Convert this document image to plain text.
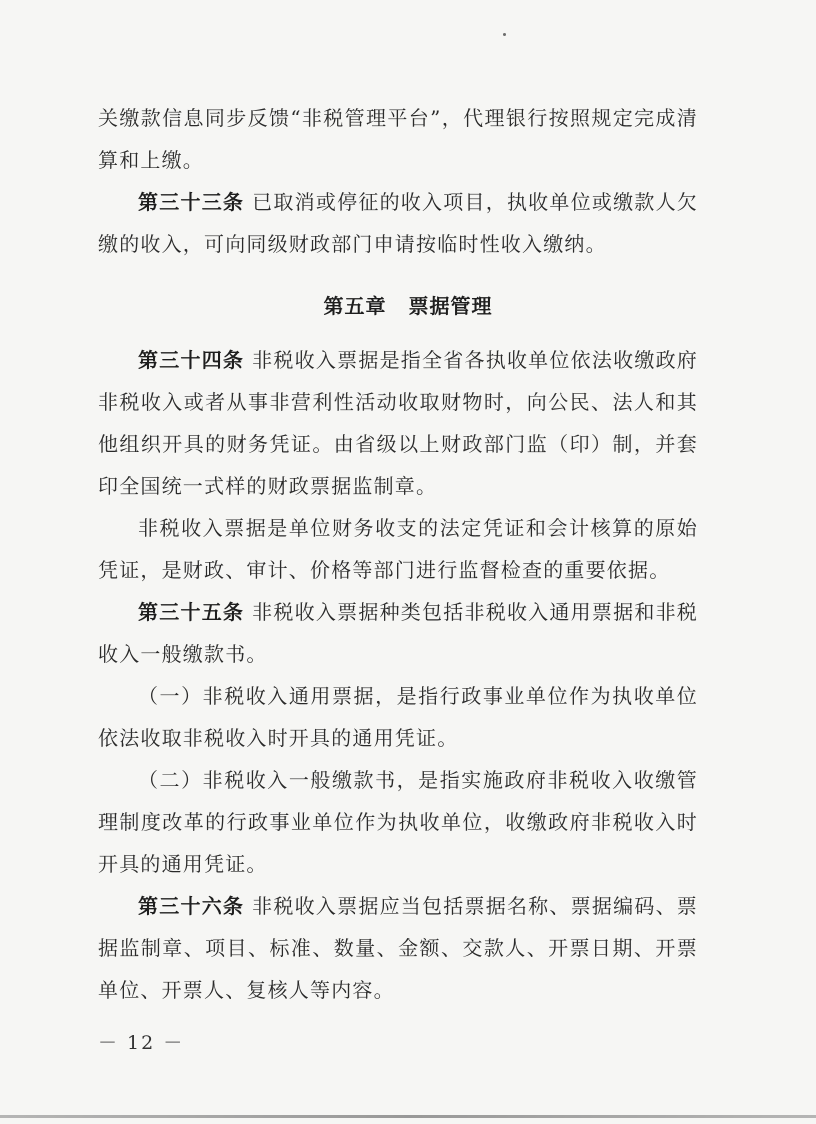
关缴款信息同步反馈“非税管理平台”，代理银行按照规定完成清算和上缴。

第三十三条 已取消或停征的收入项目，执收单位或缴款人欠缴的收入，可向同级财政部门申请按临时性收入缴纳。

第五章 票据管理

第三十四条 非税收入票据是指全省各执收单位依法收缴政府非税收入或者从事非营利性活动收取财物时，向公民、法人和其他组织开具的财务凭证。由省级以上财政部门监（印）制，并套印全国统一式样的财政票据监制章。

非税收入票据是单位财务收支的法定凭证和会计核算的原始凭证，是财政、审计、价格等部门进行监督检查的重要依据。

第三十五条 非税收入票据种类包括非税收入通用票据和非税收入一般缴款书。

（一）非税收入通用票据，是指行政事业单位作为执收单位依法收取非税收入时开具的通用凭证。

（二）非税收入一般缴款书，是指实施政府非税收入收缴管理制度改革的行政事业单位作为执收单位，收缴政府非税收入时开具的通用凭证。

第三十六条 非税收入票据应当包括票据名称、票据编码、票据监制章、项目、标准、数量、金额、交款人、开票日期、开票单位、开票人、复核人等内容。

－ 12 －
